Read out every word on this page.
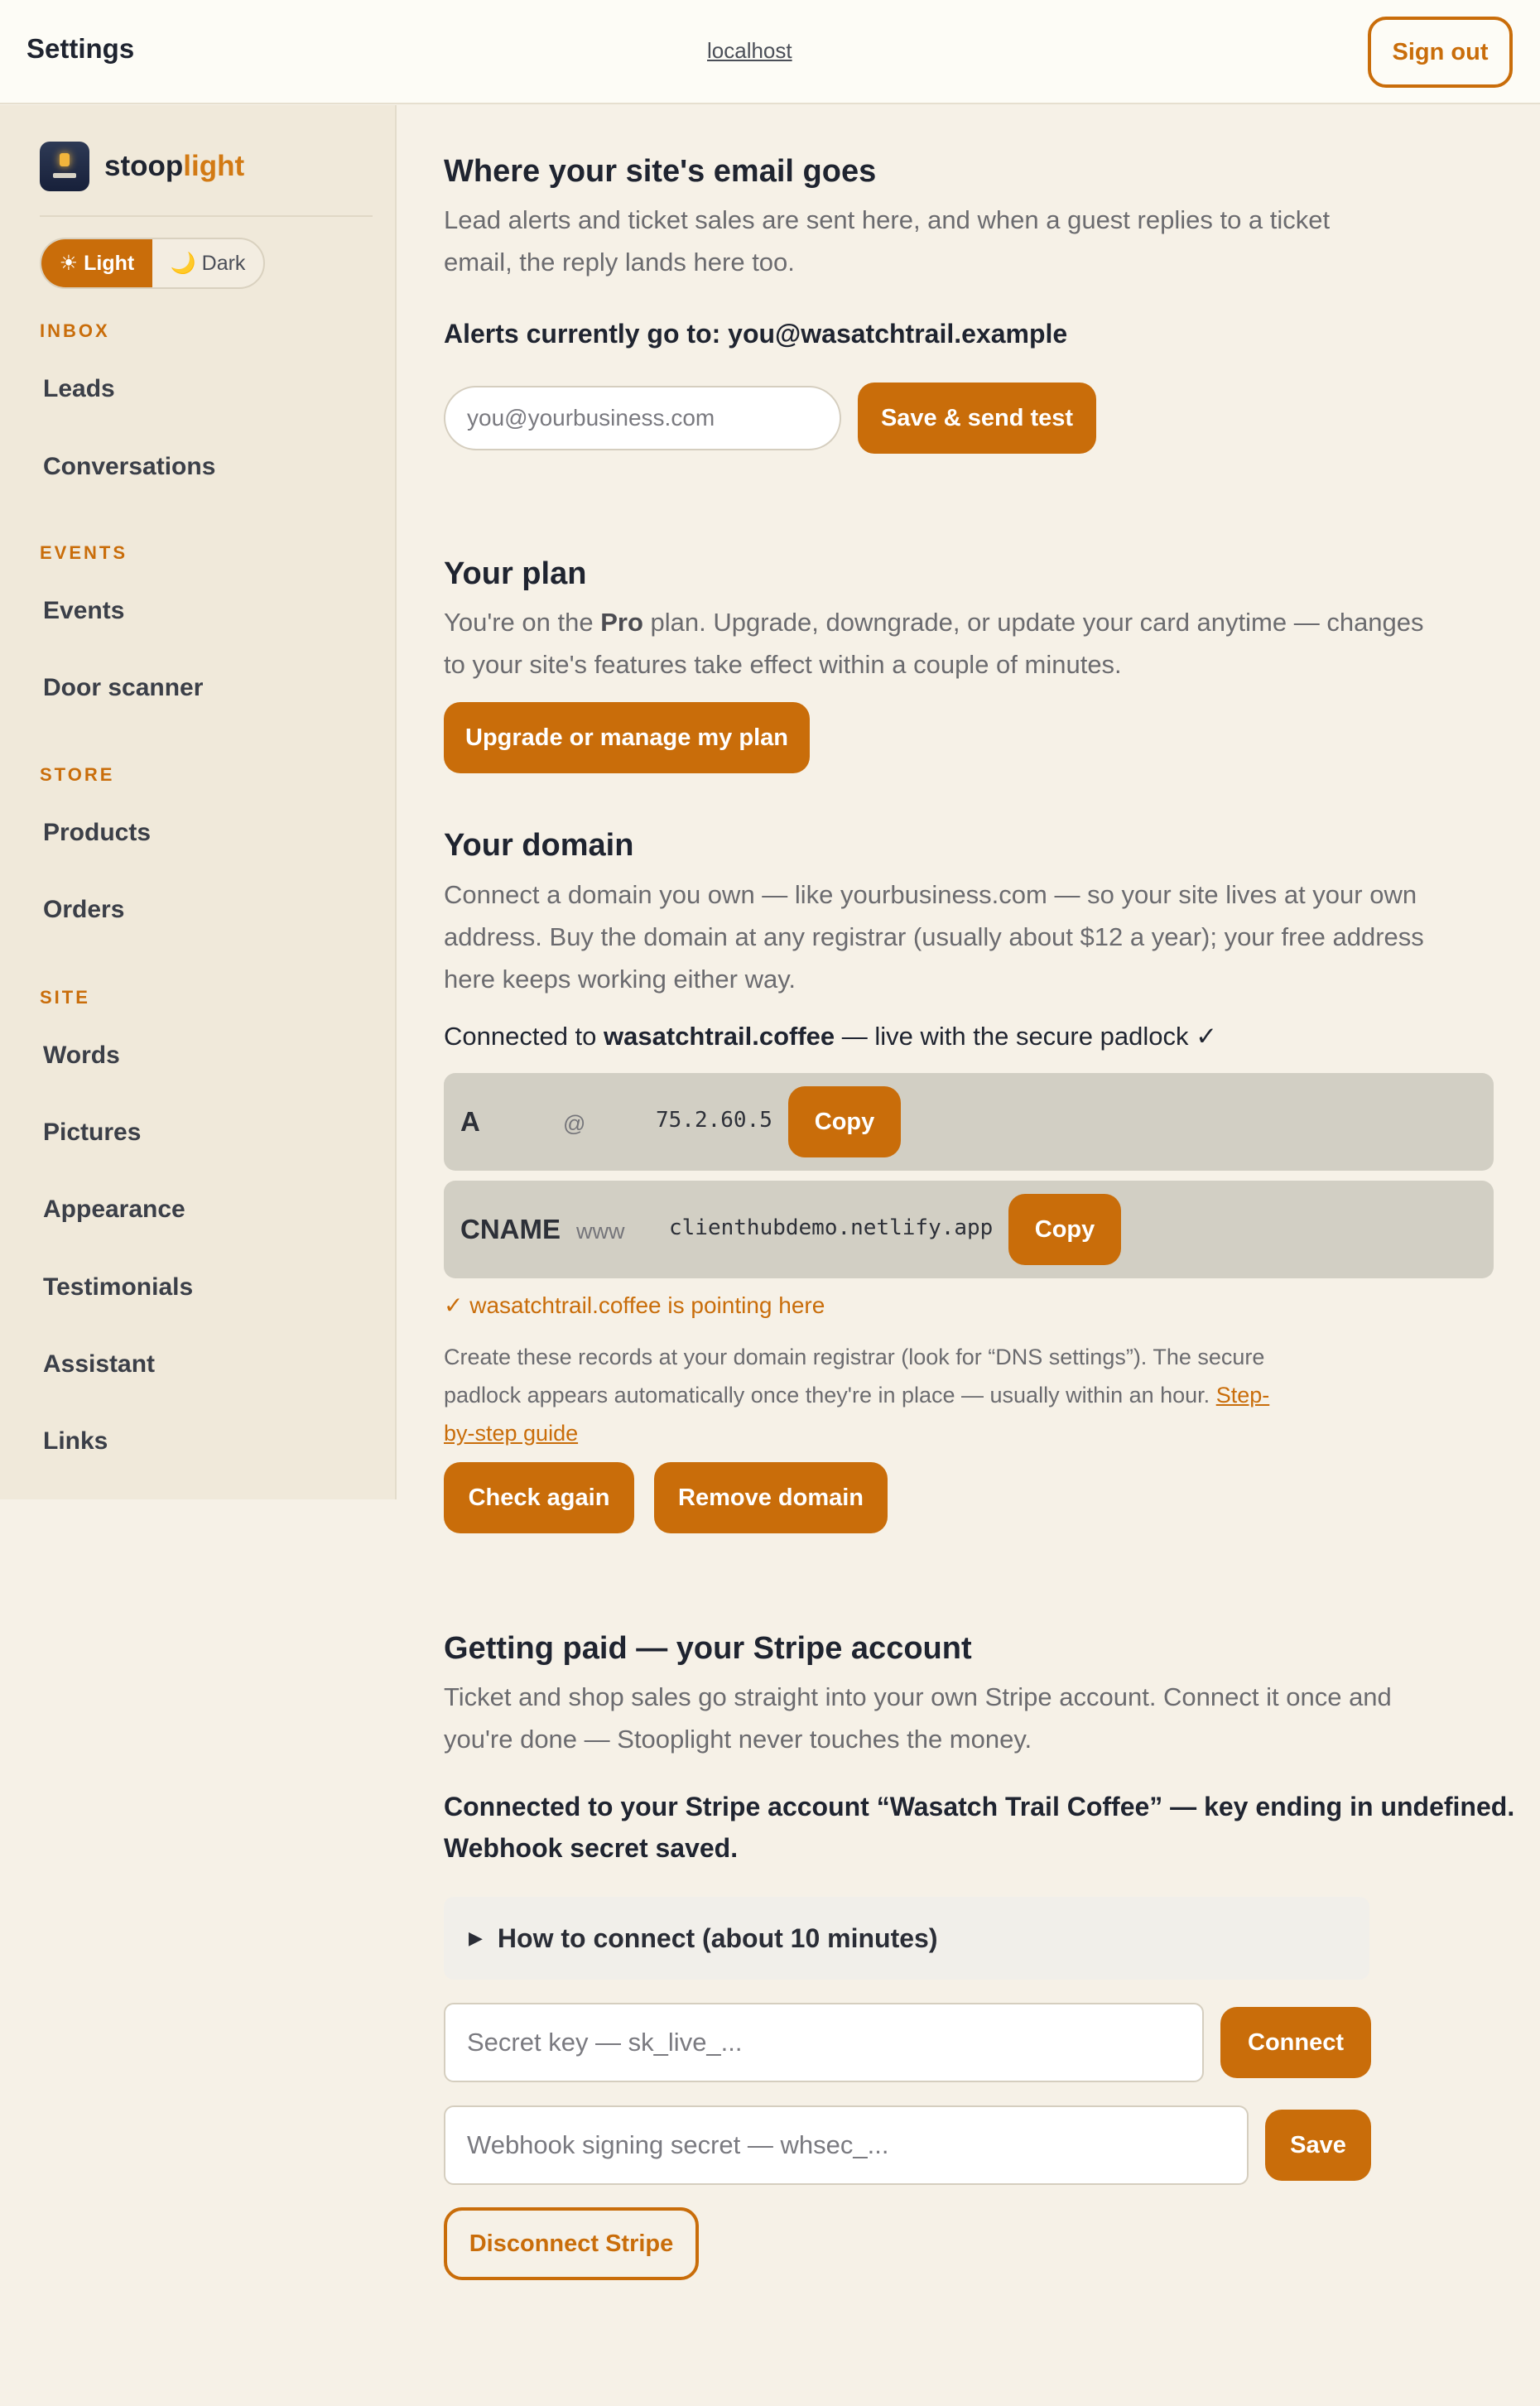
Settings	localhost	Sign out
stooplight
☀ Light	🌙 Dark
INBOX
Leads
Conversations
EVENTS
Events
Door scanner
STORE
Products
Orders
SITE
Words
Pictures
Appearance
Testimonials
Assistant
Links
Where your site's email goes
Lead alerts and ticket sales are sent here, and when a guest replies to a ticket
email, the reply lands here too.
Alerts currently go to: you@wasatchtrail.example
you@yourbusiness.com	Save & send test
Your plan
You're on the Pro plan. Upgrade, downgrade, or update your card anytime — changes
to your site's features take effect within a couple of minutes.
Upgrade or manage my plan
Your domain
Connect a domain you own — like yourbusiness.com — so your site lives at your own
address. Buy the domain at any registrar (usually about $12 a year); your free address
here keeps working either way.
Connected to wasatchtrail.coffee — live with the secure padlock ✓
A	@	75.2.60.5	Copy
CNAME www clienthubdemo.netlify.app	Copy
✓ wasatchtrail.coffee is pointing here
Create these records at your domain registrar (look for “DNS settings”). The secure
padlock appears automatically once they're in place — usually within an hour. Step-
by-step guide
Check again	Remove domain
Getting paid — your Stripe account
Ticket and shop sales go straight into your own Stripe account. Connect it once and
you're done — Stooplight never touches the money.
Connected to your Stripe account “Wasatch Trail Coffee” — key ending in undefined.
Webhook secret saved.
▶ How to connect (about 10 minutes)
Secret key — sk_live_...	Connect
Webhook signing secret — whsec_...	Save
Disconnect Stripe
